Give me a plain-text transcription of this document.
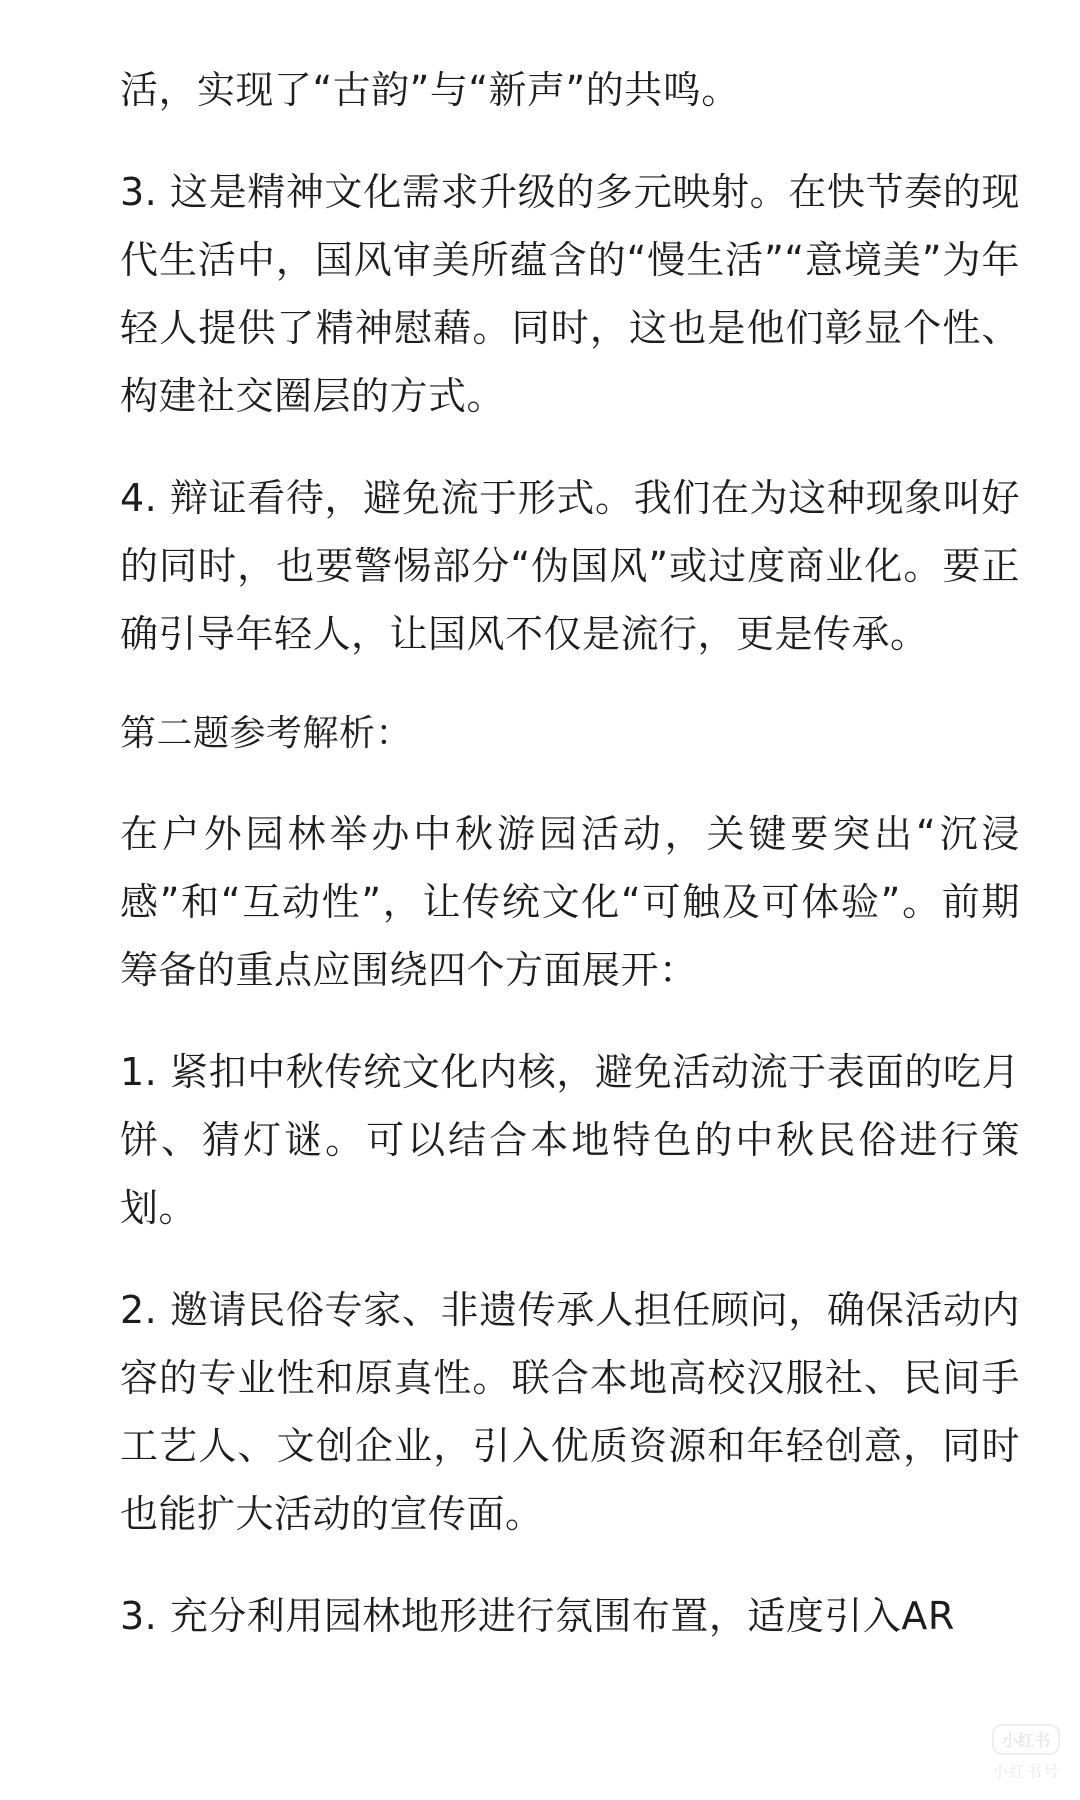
活，实现了“古韵”与“新声”的共鸣。

3. 这是精神文化需求升级的多元映射。在快节奏的现代生活中，国风审美所蕴含的“慢生活”“意境美”为年轻人提供了精神慰藉。同时，这也是他们彰显个性、构建社交圈层的方式。

4. 辩证看待，避免流于形式。我们在为这种现象叫好的同时，也要警惕部分“伪国风”或过度商业化。要正确引导年轻人，让国风不仅是流行，更是传承。

第二题参考解析：

在户外园林举办中秋游园活动，关键要突出“沉浸感”和“互动性”，让传统文化“可触及可体验”。前期筹备的重点应围绕四个方面展开：

1. 紧扣中秋传统文化内核，避免活动流于表面的吃月饼、猜灯谜。可以结合本地特色的中秋民俗进行策划。

2. 邀请民俗专家、非遗传承人担任顾问，确保活动内容的专业性和原真性。联合本地高校汉服社、民间手工艺人、文创企业，引入优质资源和年轻创意，同时也能扩大活动的宣传面。

3. 充分利用园林地形进行氛围布置，适度引入AR

小红书
小红书号
